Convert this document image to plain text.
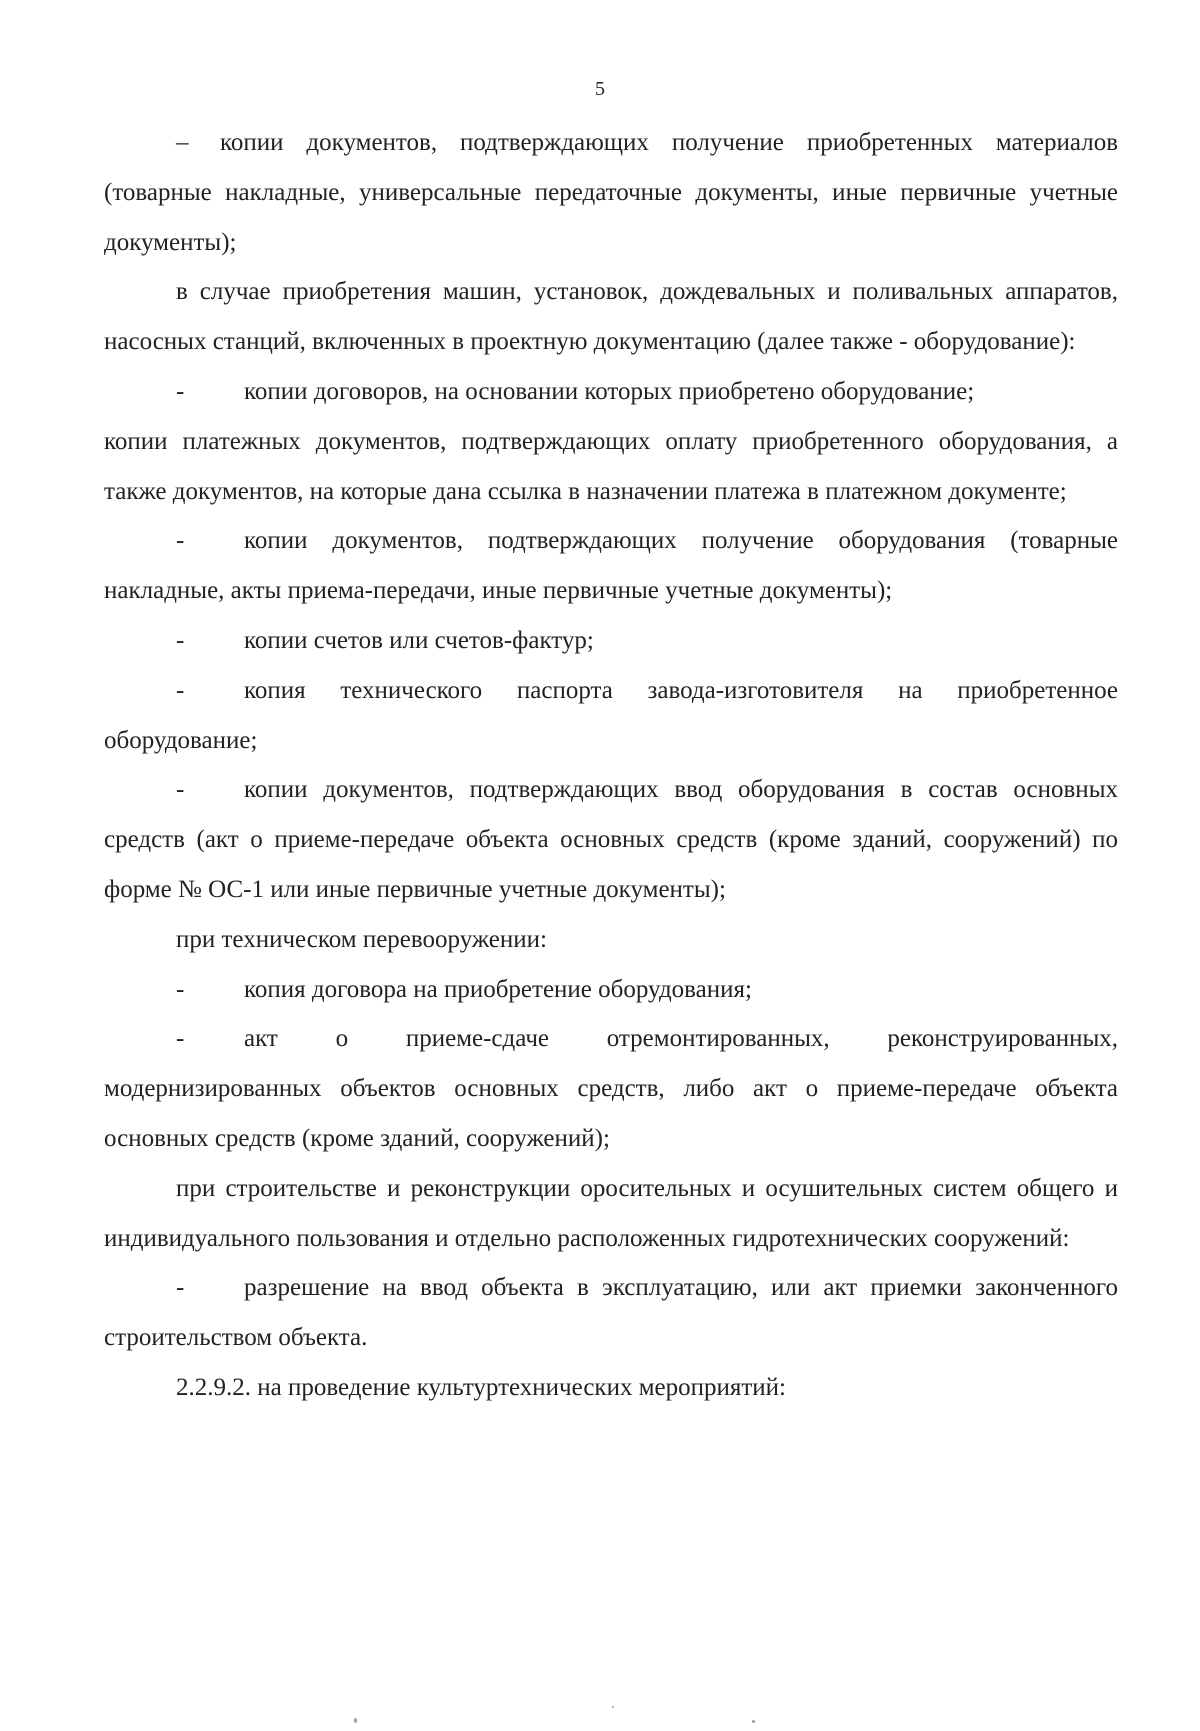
5

– копии документов, подтверждающих получение приобретенных материалов (товарные накладные, универсальные передаточные документы, иные первичные учетные документы);

в случае приобретения машин, установок, дождевальных и поливальных аппаратов, насосных станций, включенных в проектную документацию (далее также - оборудование):

- копии договоров, на основании которых приобретено оборудование;

копии платежных документов, подтверждающих оплату приобретенного оборудования, а также документов, на которые дана ссылка в назначении платежа в платежном документе;

- копии документов, подтверждающих получение оборудования (товарные накладные, акты приема-передачи, иные первичные учетные документы);

- копии счетов или счетов-фактур;

- копия технического паспорта завода-изготовителя на приобретенное оборудование;

- копии документов, подтверждающих ввод оборудования в состав основных средств (акт о приеме-передаче объекта основных средств (кроме зданий, сооружений) по форме № ОС-1 или иные первичные учетные документы);

при техническом перевооружении:

- копия договора на приобретение оборудования;

- акт о приеме-сдаче отремонтированных, реконструированных, модернизированных объектов основных средств, либо акт о приеме-передаче объекта основных средств (кроме зданий, сооружений);

при строительстве и реконструкции оросительных и осушительных систем общего и индивидуального пользования и отдельно расположенных гидротехнических сооружений:

- разрешение на ввод объекта в эксплуатацию, или акт приемки законченного строительством объекта.

2.2.9.2. на проведение культуртехнических мероприятий:
